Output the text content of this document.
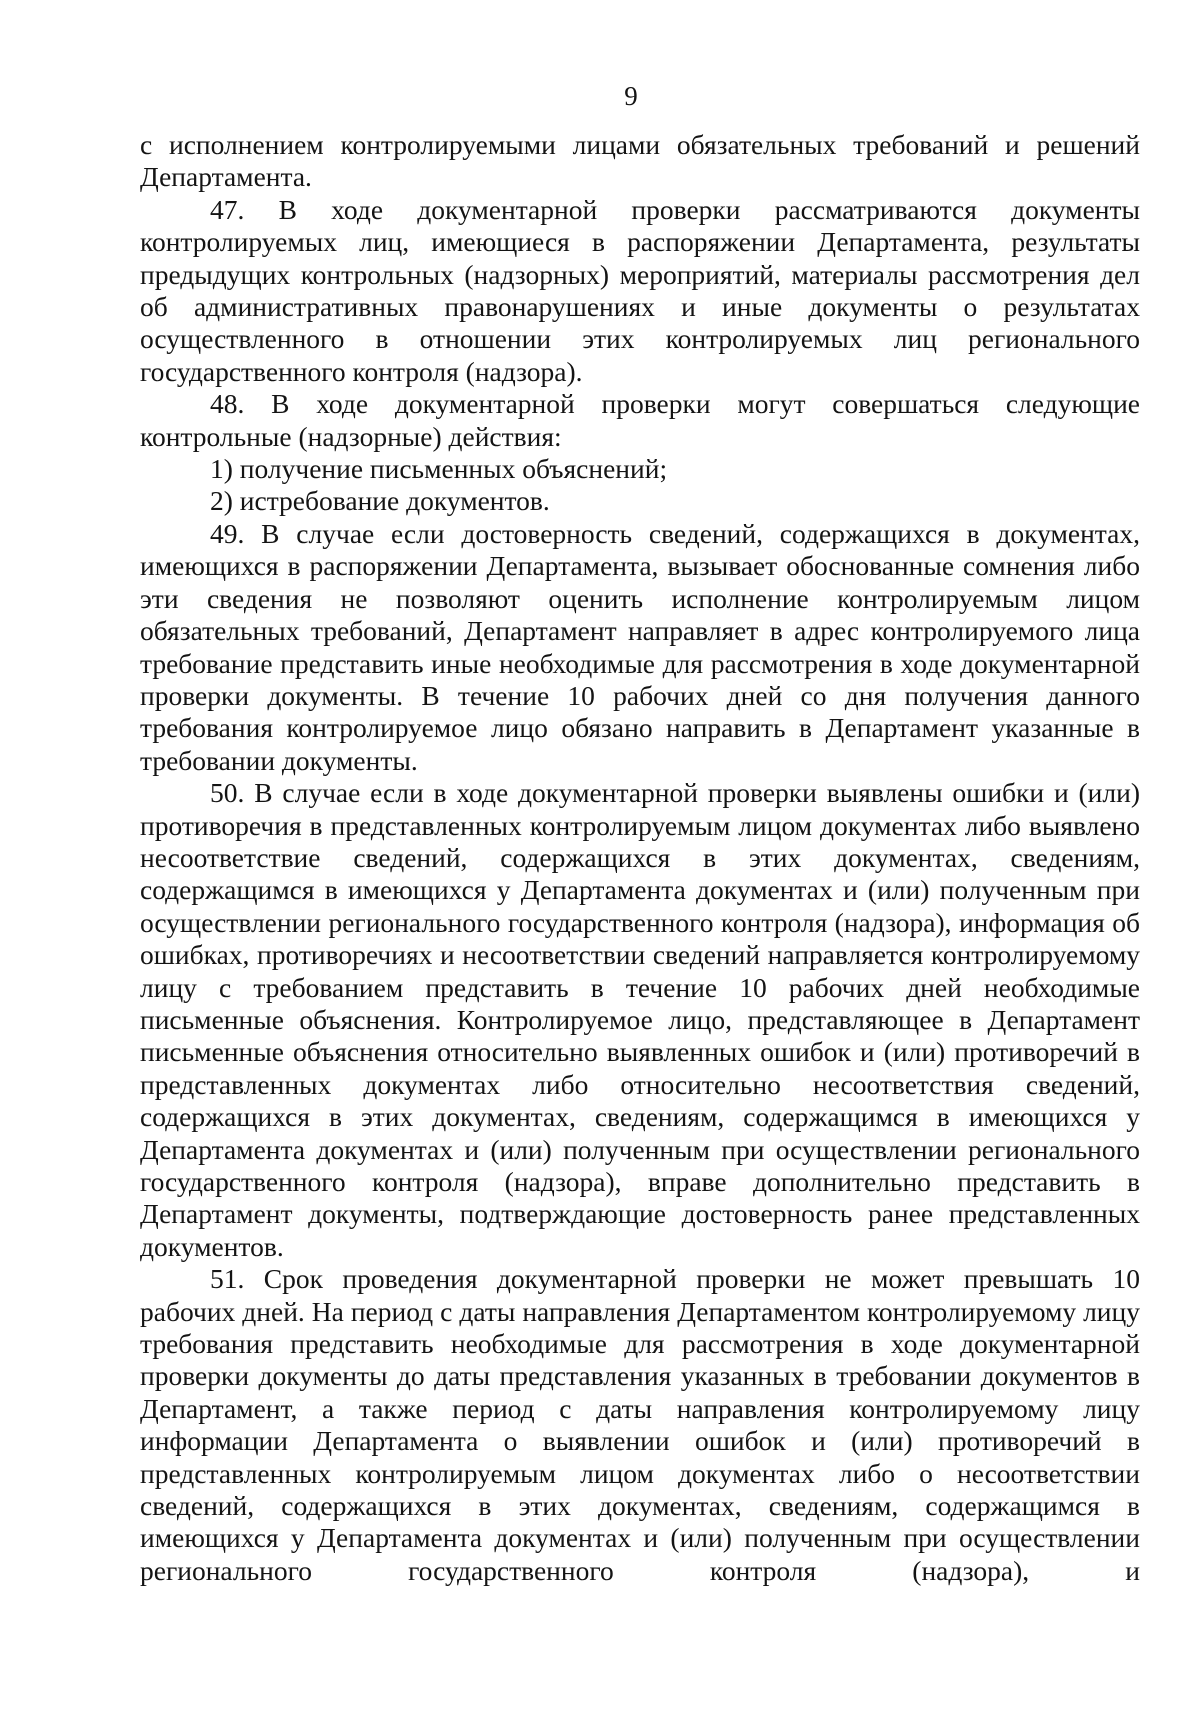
9

с исполнением контролируемыми лицами обязательных требований и решений Департамента.

47. В ходе документарной проверки рассматриваются документы контролируемых лиц, имеющиеся в распоряжении Департамента, результаты предыдущих контрольных (надзорных) мероприятий, материалы рассмотрения дел об административных правонарушениях и иные документы о результатах осуществленного в отношении этих контролируемых лиц регионального государственного контроля (надзора).

48. В ходе документарной проверки могут совершаться следующие контрольные (надзорные) действия:

1) получение письменных объяснений;

2) истребование документов.

49. В случае если достоверность сведений, содержащихся в документах, имеющихся в распоряжении Департамента, вызывает обоснованные сомнения либо эти сведения не позволяют оценить исполнение контролируемым лицом обязательных требований, Департамент направляет в адрес контролируемого лица требование представить иные необходимые для рассмотрения в ходе документарной проверки документы. В течение 10 рабочих дней со дня получения данного требования контролируемое лицо обязано направить в Департамент указанные в требовании документы.

50. В случае если в ходе документарной проверки выявлены ошибки и (или) противоречия в представленных контролируемым лицом документах либо выявлено несоответствие сведений, содержащихся в этих документах, сведениям, содержащимся в имеющихся у Департамента документах и (или) полученным при осуществлении регионального государственного контроля (надзора), информация об ошибках, противоречиях и несоответствии сведений направляется контролируемому лицу с требованием представить в течение 10 рабочих дней необходимые письменные объяснения. Контролируемое лицо, представляющее в Департамент письменные объяснения относительно выявленных ошибок и (или) противоречий в представленных документах либо относительно несоответствия сведений, содержащихся в этих документах, сведениям, содержащимся в имеющихся у Департамента документах и (или) полученным при осуществлении регионального государственного контроля (надзора), вправе дополнительно представить в Департамент документы, подтверждающие достоверность ранее представленных документов.

51. Срок проведения документарной проверки не может превышать 10 рабочих дней. На период с даты направления Департаментом контролируемому лицу требования представить необходимые для рассмотрения в ходе документарной проверки документы до даты представления указанных в требовании документов в Департамент, а также период с даты направления контролируемому лицу информации Департамента о выявлении ошибок и (или) противоречий в представленных контролируемым лицом документах либо о несоответствии сведений, содержащихся в этих документах, сведениям, содержащимся в имеющихся у Департамента документах и (или) полученным при осуществлении регионального государственного контроля (надзора), и
